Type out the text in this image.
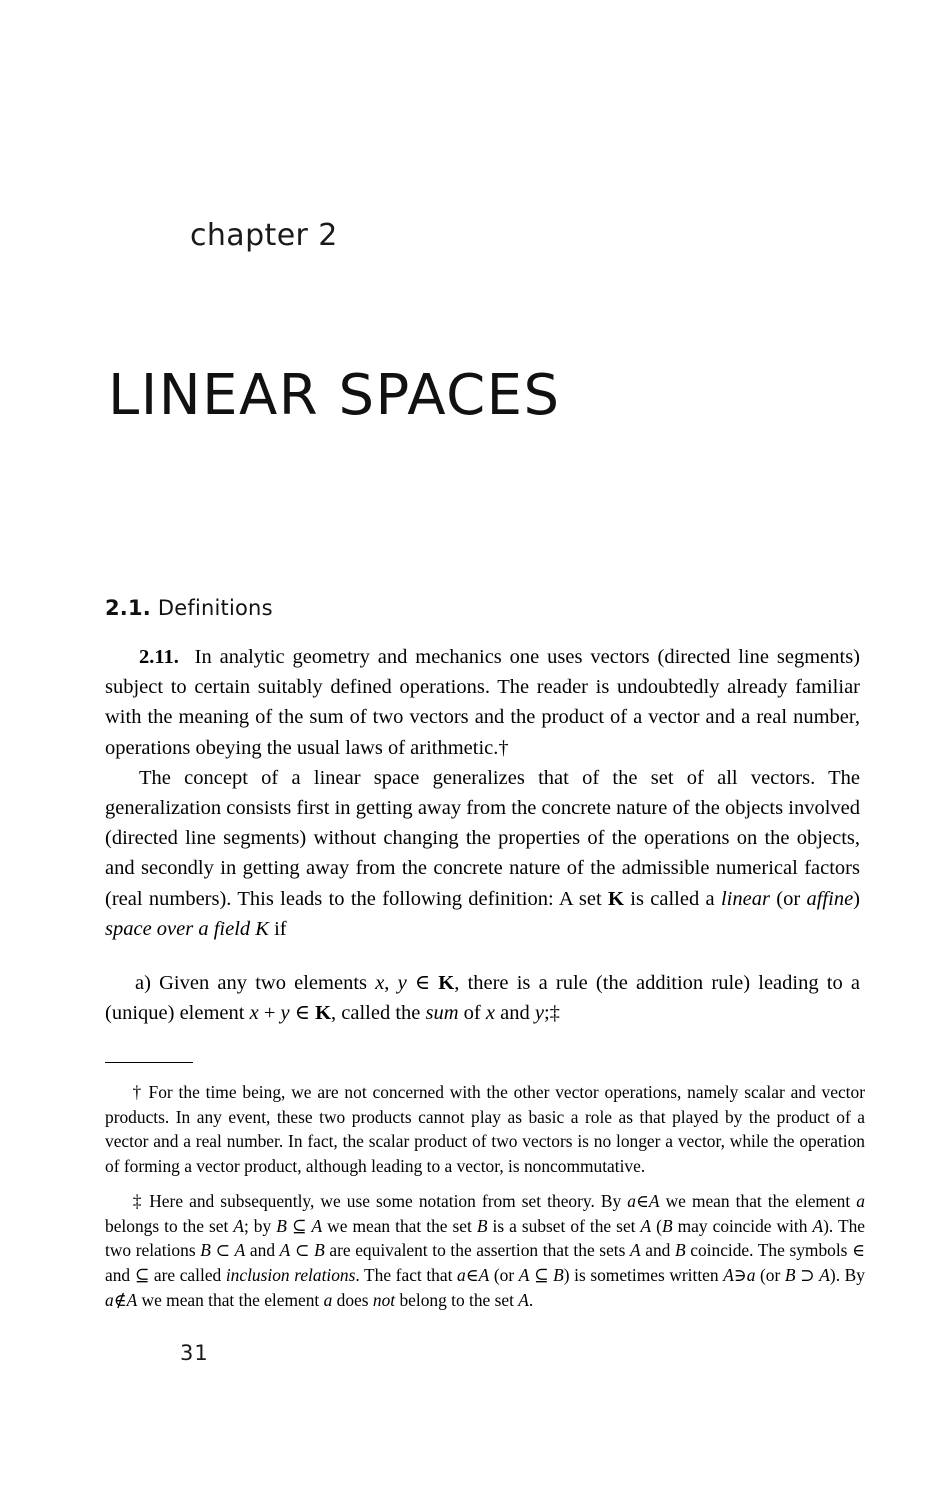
chapter 2
LINEAR SPACES
2.1. Definitions

2.11.  In analytic geometry and mechanics one uses vectors (directed line segments) subject to certain suitably defined operations. The reader is undoubtedly already familiar with the meaning of the sum of two vectors and the product of a vector and a real number, operations obeying the usual laws of arithmetic.†

The concept of a linear space generalizes that of the set of all vectors. The generalization consists first in getting away from the concrete nature of the objects involved (directed line segments) without changing the properties of the operations on the objects, and secondly in getting away from the concrete nature of the admissible numerical factors (real numbers). This leads to the following definition: A set K is called a linear (or affine) space over a field K if

a) Given any two elements x, y ∈ K, there is a rule (the addition rule) leading to a (unique) element x + y ∈ K, called the sum of x and y;‡

† For the time being, we are not concerned with the other vector operations, namely scalar and vector products. In any event, these two products cannot play as basic a role as that played by the product of a vector and a real number. In fact, the scalar product of two vectors is no longer a vector, while the operation of forming a vector product, although leading to a vector, is noncommutative.

‡ Here and subsequently, we use some notation from set theory. By a∈A we mean that the element a belongs to the set A; by B ⊆ A we mean that the set B is a subset of the set A (B may coincide with A). The two relations B ⊂ A and A ⊂ B are equivalent to the assertion that the sets A and B coincide. The symbols ∈ and ⊆ are called inclusion relations. The fact that a∈A (or A ⊆ B) is sometimes written A∋a (or B ⊃ A). By a∉A we mean that the element a does not belong to the set A.

31
